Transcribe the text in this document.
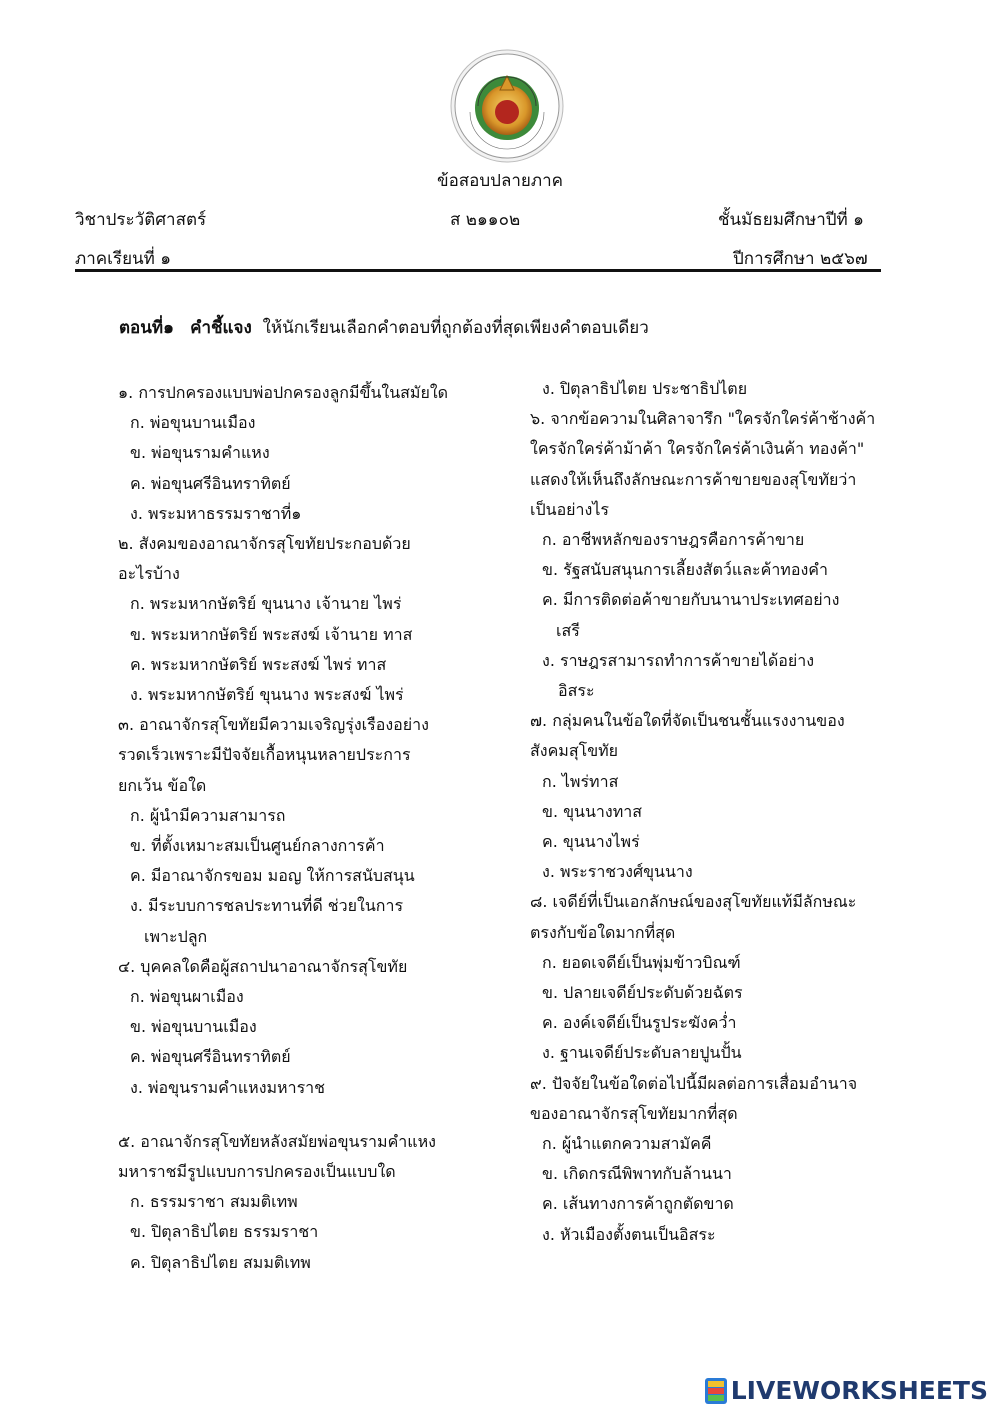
ข้อสอบปลายภาค
วิชาประวัติศาสตร์	ส ๒๑๑๐๒	ชั้นมัธยมศึกษาปีที่ ๑
ภาคเรียนที่ ๑	ปีการศึกษา ๒๕๖๗
ตอนที่๑ คำชี้แจง ให้นักเรียนเลือกคำตอบที่ถูกต้องที่สุดเพียงคำตอบเดียว
๑. การปกครองแบบพ่อปกครองลูกมีขึ้นในสมัยใด
ก. พ่อขุนบานเมือง
ข. พ่อขุนรามคำแหง
ค. พ่อขุนศรีอินทราทิตย์
ง. พระมหาธรรมราชาที่๑
๒. สังคมของอาณาจักรสุโขทัยประกอบด้วย
อะไรบ้าง
ก. พระมหากษัตริย์ ขุนนาง เจ้านาย ไพร่
ข. พระมหากษัตริย์ พระสงฆ์ เจ้านาย ทาส
ค. พระมหากษัตริย์ พระสงฆ์ ไพร่ ทาส
ง. พระมหากษัตริย์ ขุนนาง พระสงฆ์ ไพร่
๓. อาณาจักรสุโขทัยมีความเจริญรุ่งเรืองอย่าง
รวดเร็วเพราะมีปัจจัยเกื้อหนุนหลายประการ
ยกเว้น ข้อใด
ก. ผู้นำมีความสามารถ
ข. ที่ตั้งเหมาะสมเป็นศูนย์กลางการค้า
ค. มีอาณาจักรขอม มอญ ให้การสนับสนุน
ง. มีระบบการชลประทานที่ดี ช่วยในการ
เพาะปลูก
๔. บุคคลใดคือผู้สถาปนาอาณาจักรสุโขทัย
ก. พ่อขุนผาเมือง
ข. พ่อขุนบานเมือง
ค. พ่อขุนศรีอินทราทิตย์
ง. พ่อขุนรามคำแหงมหาราช
๕. อาณาจักรสุโขทัยหลังสมัยพ่อขุนรามคำแหง
มหาราชมีรูปแบบการปกครองเป็นแบบใด
ก. ธรรมราชา สมมติเทพ
ข. ปิตุลาธิปไตย ธรรมราชา
ค. ปิตุลาธิปไตย สมมติเทพ
ง. ปิตุลาธิปไตย ประชาธิปไตย
๖. จากข้อความในศิลาจารึก "ใครจักใคร่ค้าช้างค้า
ใครจักใคร่ค้าม้าค้า ใครจักใคร่ค้าเงินค้า ทองค้า"
แสดงให้เห็นถึงลักษณะการค้าขายของสุโขทัยว่า
เป็นอย่างไร
ก. อาชีพหลักของราษฎรคือการค้าขาย
ข. รัฐสนับสนุนการเลี้ยงสัตว์และค้าทองคำ
ค. มีการติดต่อค้าขายกับนานาประเทศอย่าง
เสรี
ง. ราษฎรสามารถทำการค้าขายได้อย่าง
อิสระ
๗. กลุ่มคนในข้อใดที่จัดเป็นชนชั้นแรงงานของ
สังคมสุโขทัย
ก. ไพร่ทาส
ข. ขุนนางทาส
ค. ขุนนางไพร่
ง. พระราชวงศ์ขุนนาง
๘. เจดีย์ที่เป็นเอกลักษณ์ของสุโขทัยแท้มีลักษณะ
ตรงกับข้อใดมากที่สุด
ก. ยอดเจดีย์เป็นพุ่มข้าวบิณฑ์
ข. ปลายเจดีย์ประดับด้วยฉัตร
ค. องค์เจดีย์เป็นรูประฆังคว่ำ
ง. ฐานเจดีย์ประดับลายปูนปั้น
๙. ปัจจัยในข้อใดต่อไปนี้มีผลต่อการเสื่อมอำนาจ
ของอาณาจักรสุโขทัยมากที่สุด
ก. ผู้นำแตกความสามัคคี
ข. เกิดกรณีพิพาทกับล้านนา
ค. เส้นทางการค้าถูกตัดขาด
ง. หัวเมืองตั้งตนเป็นอิสระ
LIVEWORKSHEETS
